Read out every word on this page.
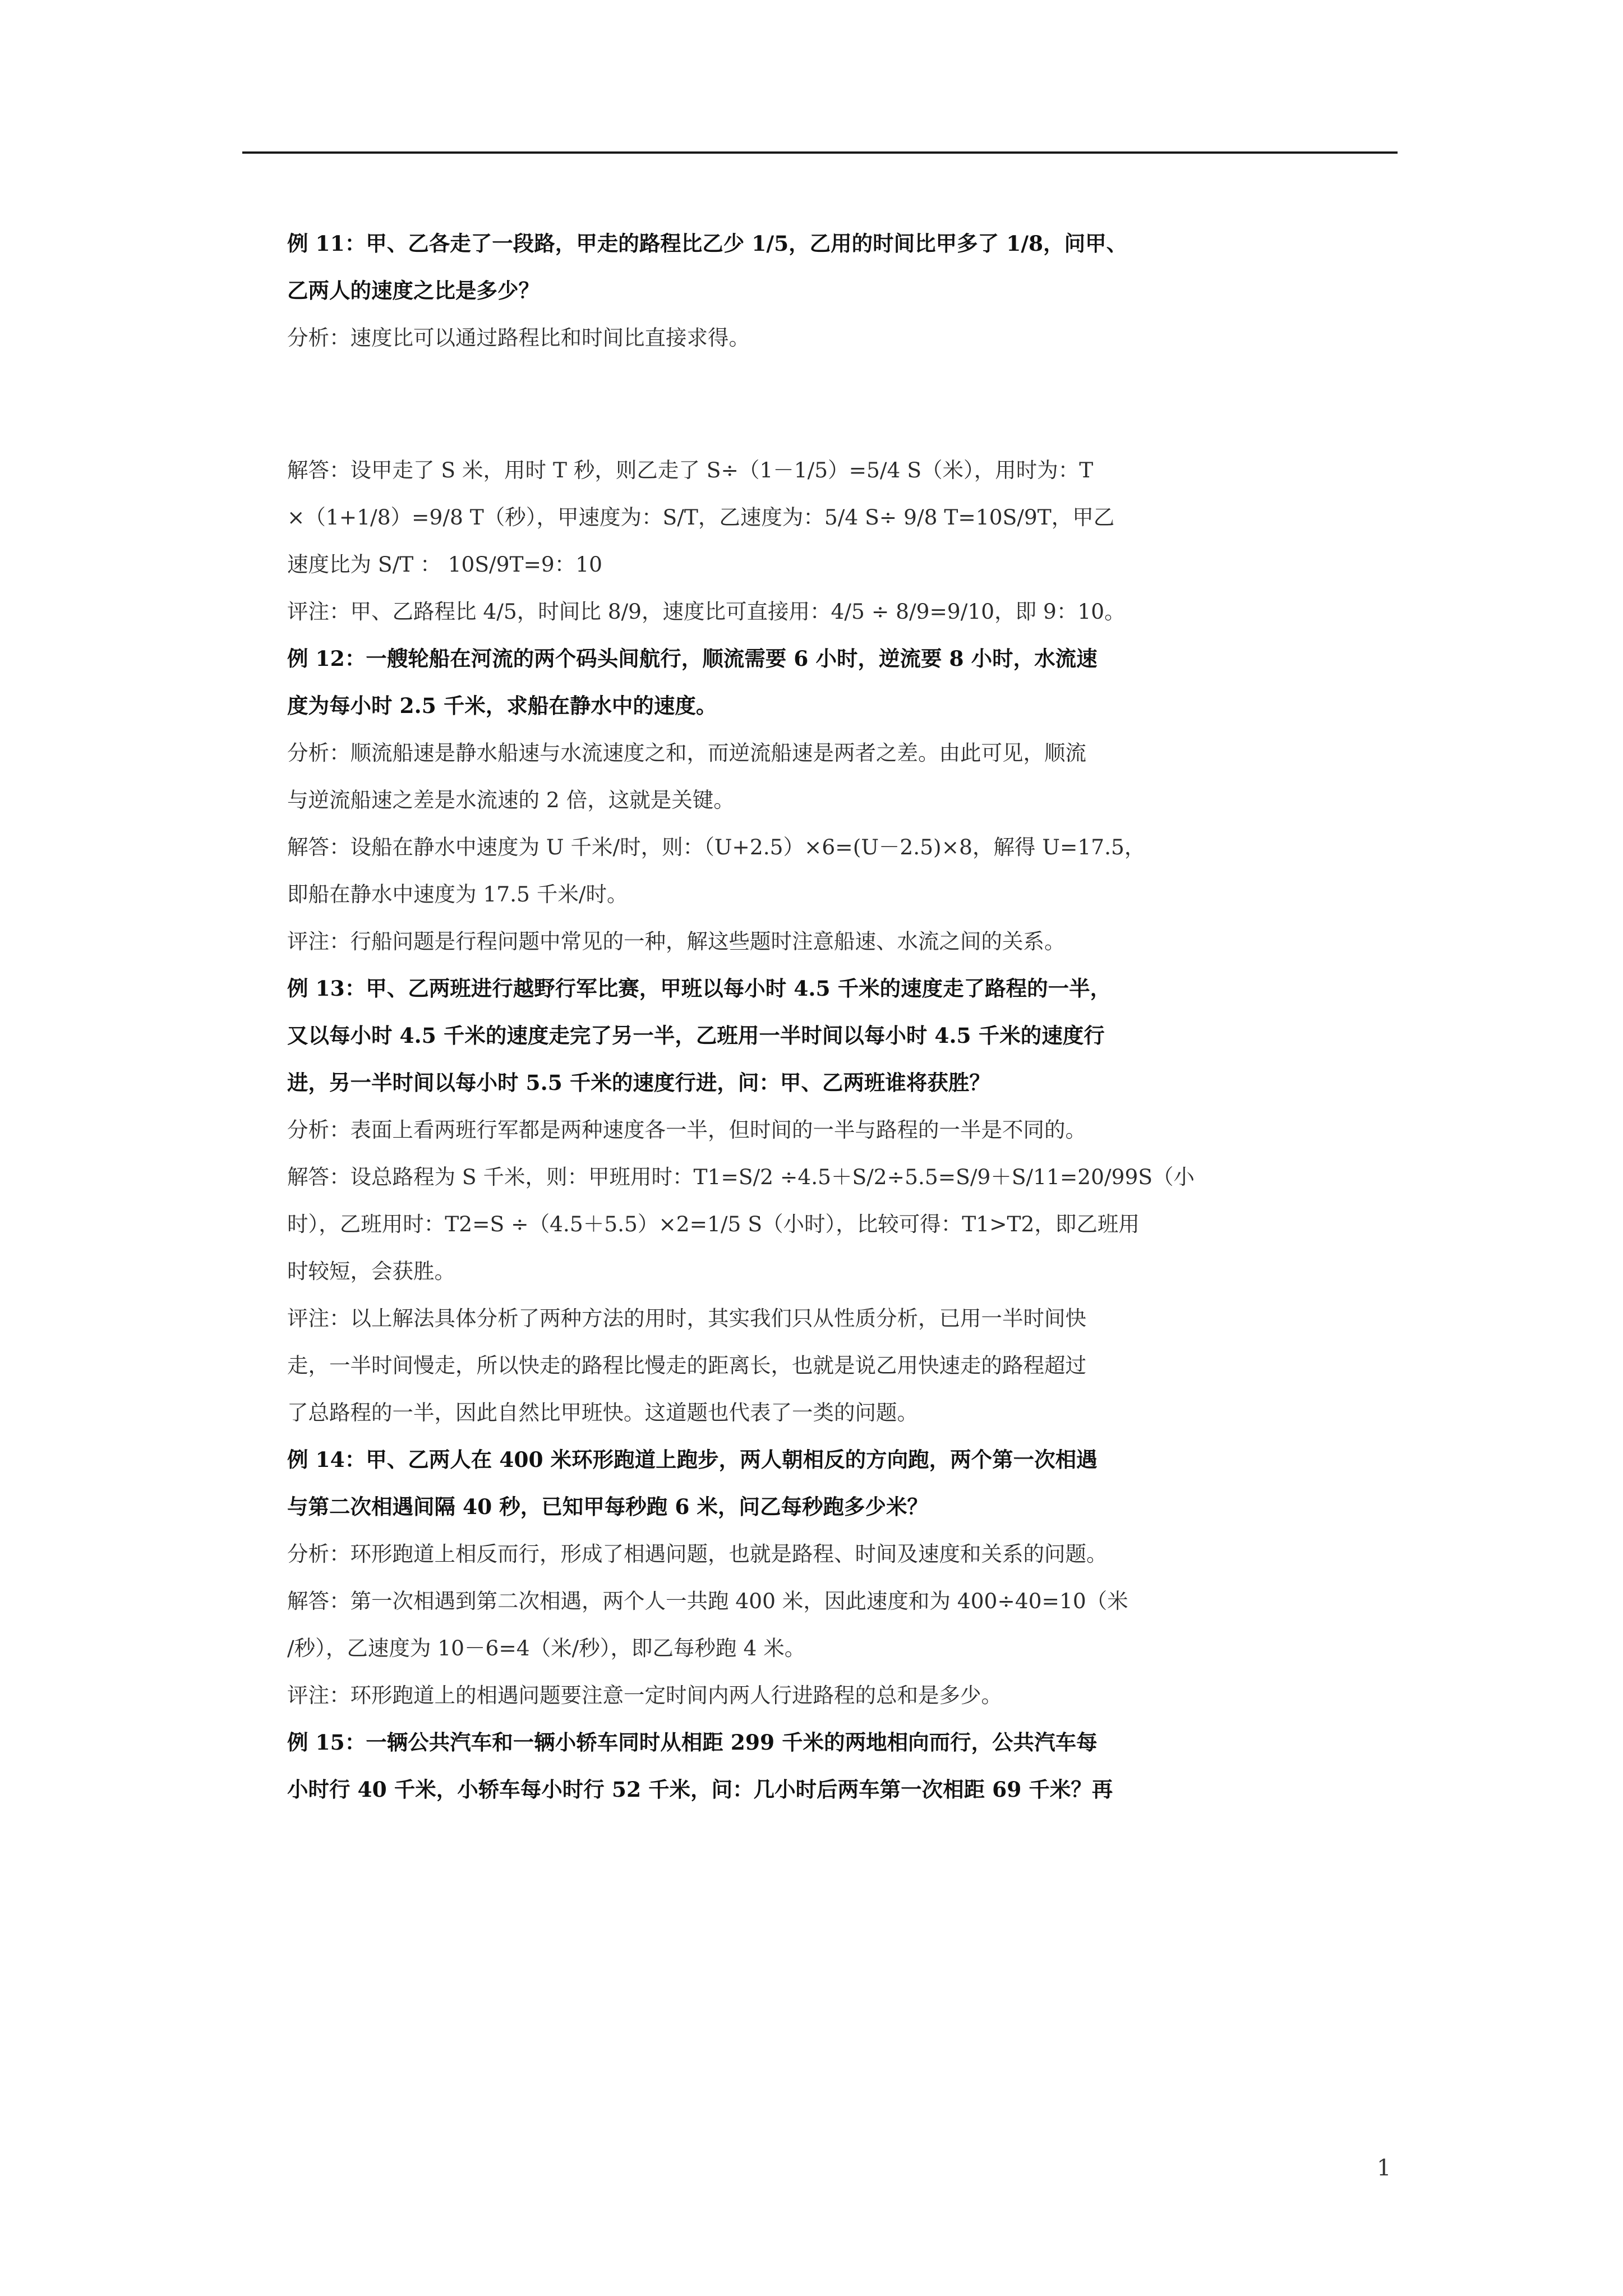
例 11：甲、乙各走了一段路，甲走的路程比乙少 1/5，乙用的时间比甲多了 1/8，问甲、
乙两人的速度之比是多少？
分析：速度比可以通过路程比和时间比直接求得。
解答：设甲走了 S 米，用时 T 秒，则乙走了 S÷（1－1/5）=5/4 S（米），用时为：T
×（1+1/8）=9/8 T（秒），甲速度为：S/T，乙速度为：5/4 S÷ 9/8 T=10S/9T，甲乙
速度比为 S/T ： 10S/9T=9：10
评注：甲、乙路程比 4/5，时间比 8/9，速度比可直接用：4/5 ÷ 8/9=9/10，即 9：10。
例 12：一艘轮船在河流的两个码头间航行，顺流需要 6 小时，逆流要 8 小时，水流速
度为每小时 2.5 千米，求船在静水中的速度。
分析：顺流船速是静水船速与水流速度之和，而逆流船速是两者之差。由此可见，顺流
与逆流船速之差是水流速的 2 倍，这就是关键。
解答：设船在静水中速度为 U 千米/时，则：（U+2.5）×6=(U－2.5)×8，解得 U=17.5，
即船在静水中速度为 17.5 千米/时。
评注：行船问题是行程问题中常见的一种，解这些题时注意船速、水流之间的关系。
例 13：甲、乙两班进行越野行军比赛，甲班以每小时 4.5 千米的速度走了路程的一半，
又以每小时 4.5 千米的速度走完了另一半，乙班用一半时间以每小时 4.5 千米的速度行
进，另一半时间以每小时 5.5 千米的速度行进，问：甲、乙两班谁将获胜？
分析：表面上看两班行军都是两种速度各一半，但时间的一半与路程的一半是不同的。
解答：设总路程为 S 千米，则：甲班用时：T1=S/2 ÷4.5＋S/2÷5.5=S/9＋S/11=20/99S（小
时），乙班用时：T2=S ÷（4.5＋5.5）×2=1/5 S（小时），比较可得：T1>T2，即乙班用
时较短，会获胜。
评注：以上解法具体分析了两种方法的用时，其实我们只从性质分析，已用一半时间快
走，一半时间慢走，所以快走的路程比慢走的距离长，也就是说乙用快速走的路程超过
了总路程的一半，因此自然比甲班快。这道题也代表了一类的问题。
例 14：甲、乙两人在 400 米环形跑道上跑步，两人朝相反的方向跑，两个第一次相遇
与第二次相遇间隔 40 秒，已知甲每秒跑 6 米，问乙每秒跑多少米？
分析：环形跑道上相反而行，形成了相遇问题，也就是路程、时间及速度和关系的问题。
解答：第一次相遇到第二次相遇，两个人一共跑 400 米，因此速度和为 400÷40=10（米
/秒），乙速度为 10－6=4（米/秒），即乙每秒跑 4 米。
评注：环形跑道上的相遇问题要注意一定时间内两人行进路程的总和是多少。
例 15：一辆公共汽车和一辆小轿车同时从相距 299 千米的两地相向而行，公共汽车每
小时行 40 千米，小轿车每小时行 52 千米，问：几小时后两车第一次相距 69 千米？再
1
